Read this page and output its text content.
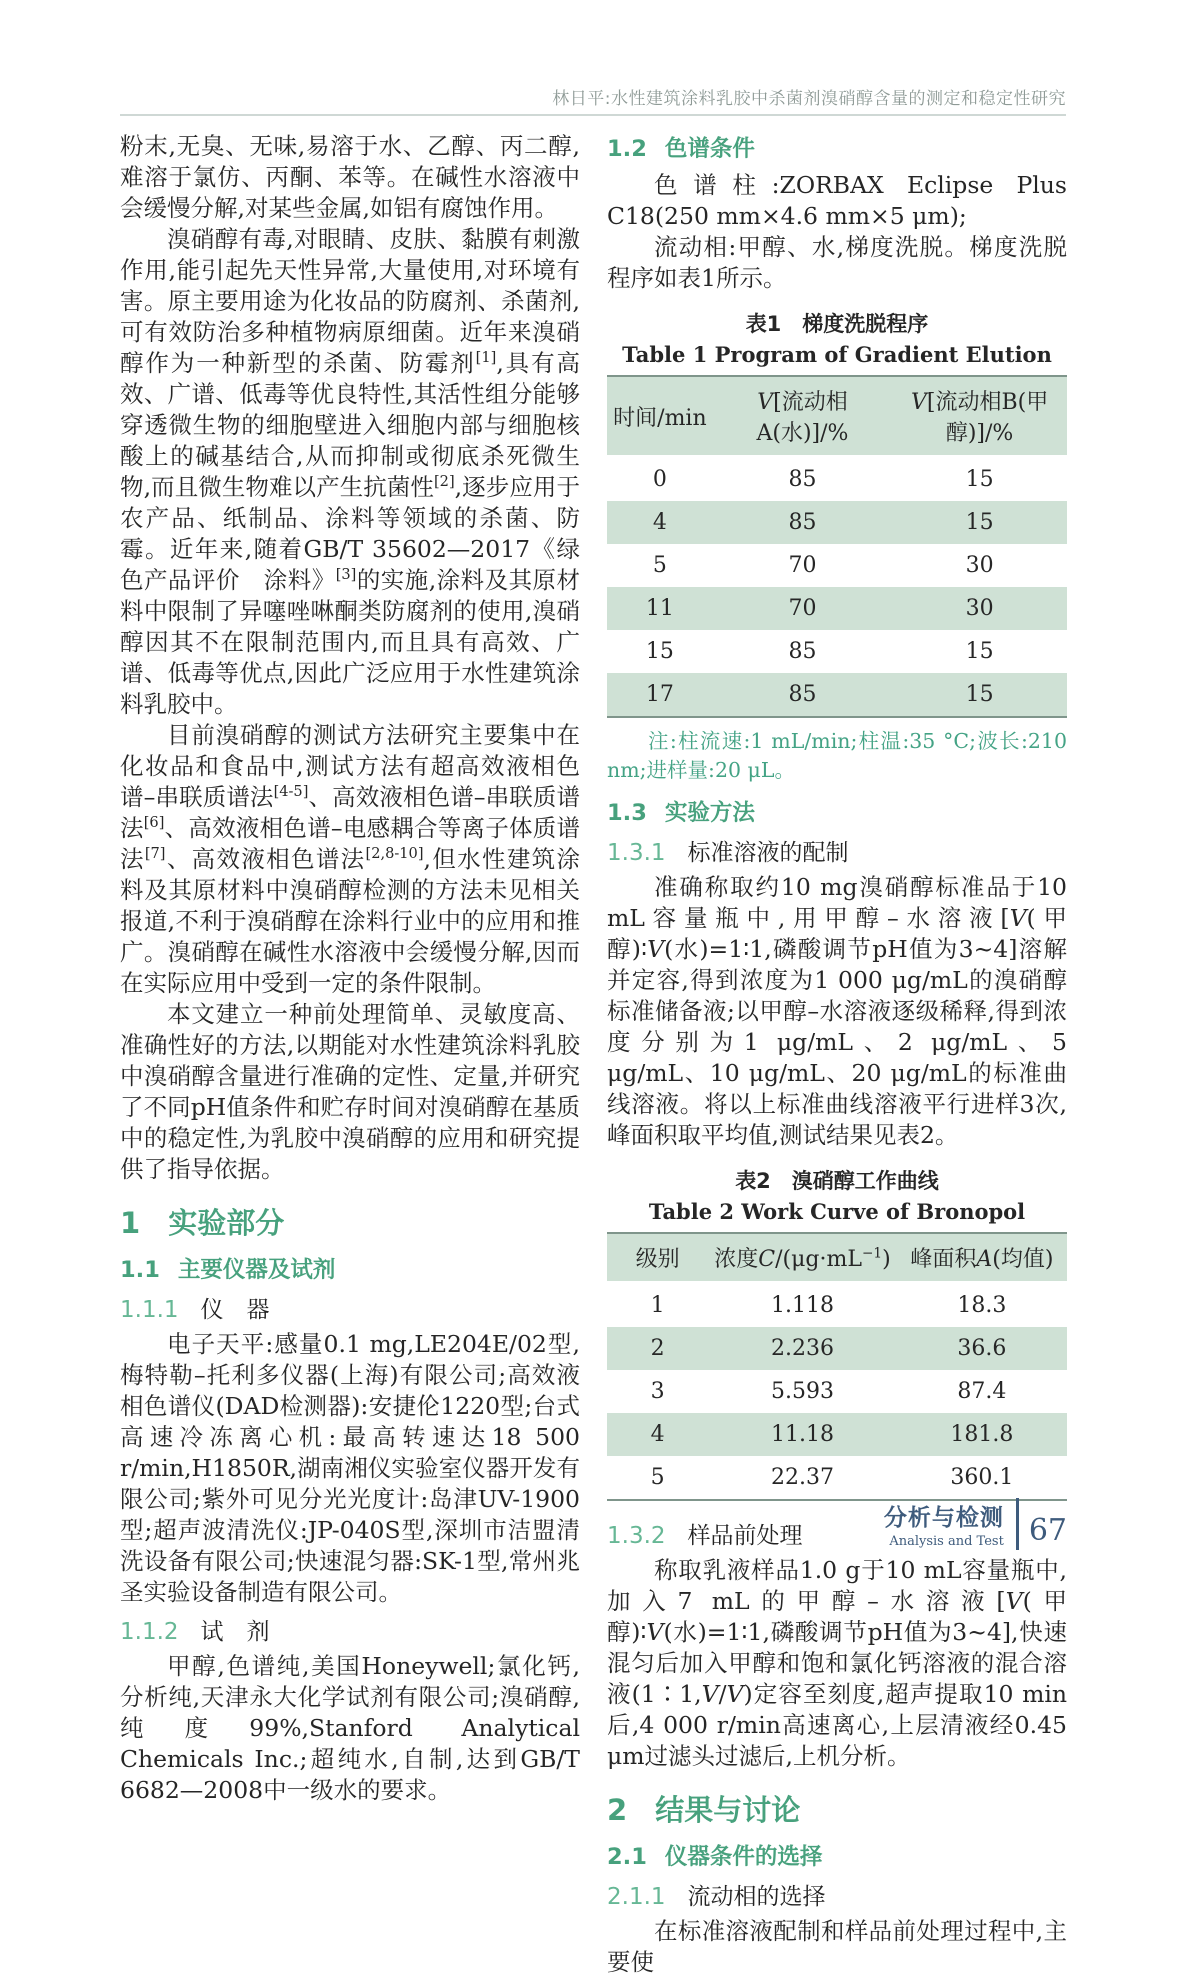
林日平:水性建筑涂料乳胶中杀菌剂溴硝醇含量的测定和稳定性研究

粉末,无臭、无味,易溶于水、乙醇、丙二醇,难溶于氯仿、丙酮、苯等。在碱性水溶液中会缓慢分解,对某些金属,如铝有腐蚀作用。

溴硝醇有毒,对眼睛、皮肤、黏膜有刺激作用,能引起先天性异常,大量使用,对环境有害。原主要用途为化妆品的防腐剂、杀菌剂,可有效防治多种植物病原细菌。近年来溴硝醇作为一种新型的杀菌、防霉剂[1],具有高效、广谱、低毒等优良特性,其活性组分能够穿透微生物的细胞壁进入细胞内部与细胞核酸上的碱基结合,从而抑制或彻底杀死微生物,而且微生物难以产生抗菌性[2],逐步应用于农产品、纸制品、涂料等领域的杀菌、防霉。近年来,随着GB/T 35602—2017《绿色产品评价　涂料》[3]的实施,涂料及其原材料中限制了异噻唑啉酮类防腐剂的使用,溴硝醇因其不在限制范围内,而且具有高效、广谱、低毒等优点,因此广泛应用于水性建筑涂料乳胶中。

目前溴硝醇的测试方法研究主要集中在化妆品和食品中,测试方法有超高效液相色谱–串联质谱法[4-5]、高效液相色谱–串联质谱法[6]、高效液相色谱–电感耦合等离子体质谱法[7]、高效液相色谱法[2,8-10],但水性建筑涂料及其原材料中溴硝醇检测的方法未见相关报道,不利于溴硝醇在涂料行业中的应用和推广。溴硝醇在碱性水溶液中会缓慢分解,因而在实际应用中受到一定的条件限制。

本文建立一种前处理简单、灵敏度高、准确性好的方法,以期能对水性建筑涂料乳胶中溴硝醇含量进行准确的定性、定量,并研究了不同pH值条件和贮存时间对溴硝醇在基质中的稳定性,为乳胶中溴硝醇的应用和研究提供了指导依据。

1 实验部分
1.1 主要仪器及试剂
1.1.1 仪　器

电子天平:感量0.1 mg,LE204E/02型,梅特勒–托利多仪器(上海)有限公司;高效液相色谱仪(DAD检测器):安捷伦1220型;台式高速冷冻离心机:最高转速达18 500 r/min,H1850R,湖南湘仪实验室仪器开发有限公司;紫外可见分光光度计:岛津UV-1900型;超声波清洗仪:JP-040S型,深圳市洁盟清洗设备有限公司;快速混匀器:SK-1型,常州兆圣实验设备制造有限公司。

1.1.2 试　剂

甲醇,色谱纯,美国Honeywell;氯化钙,分析纯,天津永大化学试剂有限公司;溴硝醇,纯度99%,Stanford Analytical Chemicals Inc.;超纯水,自制,达到GB/T 6682—2008中一级水的要求。

1.2 色谱条件

色谱柱:ZORBAX Eclipse Plus C18(250 mm×4.6 mm×5 μm);

流动相:甲醇、水,梯度洗脱。梯度洗脱程序如表1所示。

表1　梯度洗脱程序
Table 1 Program of Gradient Elution
时间/min	V[流动相A(水)]/%	V[流动相B(甲醇)]/%
0	85	15
4	85	15
5	70	30
11	70	30
15	85	15
17	85	15
注:柱流速:1 mL/min;柱温:35 °C;波长:210 nm;进样量:20 μL。
1.3 实验方法
1.3.1 标准溶液的配制

准确称取约10 mg溴硝醇标准品于10 mL容量瓶中,用甲醇–水溶液[V(甲醇)∶V(水)=1∶1,磷酸调节pH值为3~4]溶解并定容,得到浓度为1 000 μg/mL的溴硝醇标准储备液;以甲醇–水溶液逐级稀释,得到浓度分别为1 μg/mL、2 μg/mL、5 μg/mL、10 μg/mL、20 μg/mL的标准曲线溶液。将以上标准曲线溶液平行进样3次,峰面积取平均值,测试结果见表2。

表2　溴硝醇工作曲线
Table 2 Work Curve of Bronopol
级别	浓度$C/(\mu g\cdot mL^{-1})$	峰面积A(均值)
1	1.118	18.3
2	2.236	36.6
3	5.593	87.4
4	11.18	181.8
5	22.37	360.1
1.3.2 样品前处理

称取乳液样品1.0 g于10 mL容量瓶中,加入7 mL的甲醇–水溶液[V(甲醇)∶V(水)=1∶1,磷酸调节pH值为3~4],快速混匀后加入甲醇和饱和氯化钙溶液的混合溶液(1∶1,V/V)定容至刻度,超声提取10 min后,4 000 r/min高速离心,上层清液经0.45 μm过滤头过滤后,上机分析。

2 结果与讨论
2.1 仪器条件的选择
2.1.1 流动相的选择

在标准溶液配制和样品前处理过程中,主要使

分析与检测
Analysis and Test 67
